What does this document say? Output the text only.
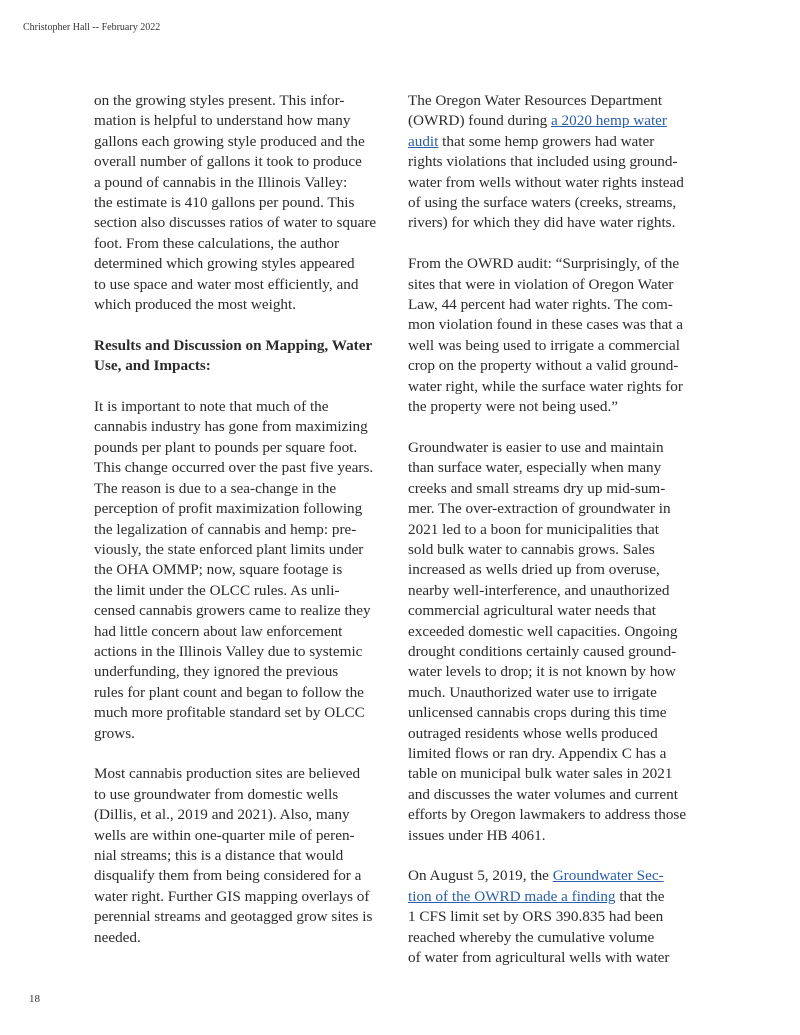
Christopher Hall -- February 2022
on the growing styles present. This infor-
mation is helpful to understand how many
gallons each growing style produced and the
overall number of gallons it took to produce
a pound of cannabis in the Illinois Valley:
the estimate is 410 gallons per pound. This
section also discusses ratios of water to square
foot. From these calculations, the author
determined which growing styles appeared
to use space and water most efficiently, and
which produced the most weight.
Results and Discussion on Mapping, Water
Use, and Impacts:
It is important to note that much of the
cannabis industry has gone from maximizing
pounds per plant to pounds per square foot.
This change occurred over the past five years.
The reason is due to a sea-change in the
perception of profit maximization following
the legalization of cannabis and hemp: pre-
viously, the state enforced plant limits under
the OHA OMMP; now, square footage is
the limit under the OLCC rules. As unli-
censed cannabis growers came to realize they
had little concern about law enforcement
actions in the Illinois Valley due to systemic
underfunding, they ignored the previous
rules for plant count and began to follow the
much more profitable standard set by OLCC
grows.
Most cannabis production sites are believed
to use groundwater from domestic wells
(Dillis, et al., 2019 and 2021). Also, many
wells are within one-quarter mile of peren-
nial streams; this is a distance that would
disqualify them from being considered for a
water right. Further GIS mapping overlays of
perennial streams and geotagged grow sites is
needed.
The Oregon Water Resources Department
(OWRD) found during a 2020 hemp water
audit that some hemp growers had water
rights violations that included using ground-
water from wells without water rights instead
of using the surface waters (creeks, streams,
rivers) for which they did have water rights.
From the OWRD audit: “Surprisingly, of the
sites that were in violation of Oregon Water
Law, 44 percent had water rights. The com-
mon violation found in these cases was that a
well was being used to irrigate a commercial
crop on the property without a valid ground-
water right, while the surface water rights for
the property were not being used.”
Groundwater is easier to use and maintain
than surface water, especially when many
creeks and small streams dry up mid-sum-
mer. The over-extraction of groundwater in
2021 led to a boon for municipalities that
sold bulk water to cannabis grows. Sales
increased as wells dried up from overuse,
nearby well-interference, and unauthorized
commercial agricultural water needs that
exceeded domestic well capacities. Ongoing
drought conditions certainly caused ground-
water levels to drop; it is not known by how
much. Unauthorized water use to irrigate
unlicensed cannabis crops during this time
outraged residents whose wells produced
limited flows or ran dry. Appendix C has a
table on municipal bulk water sales in 2021
and discusses the water volumes and current
efforts by Oregon lawmakers to address those
issues under HB 4061.
On August 5, 2019, the Groundwater Sec-
tion of the OWRD made a finding that the
1 CFS limit set by ORS 390.835 had been
reached whereby the cumulative volume
of water from agricultural wells with water
18
